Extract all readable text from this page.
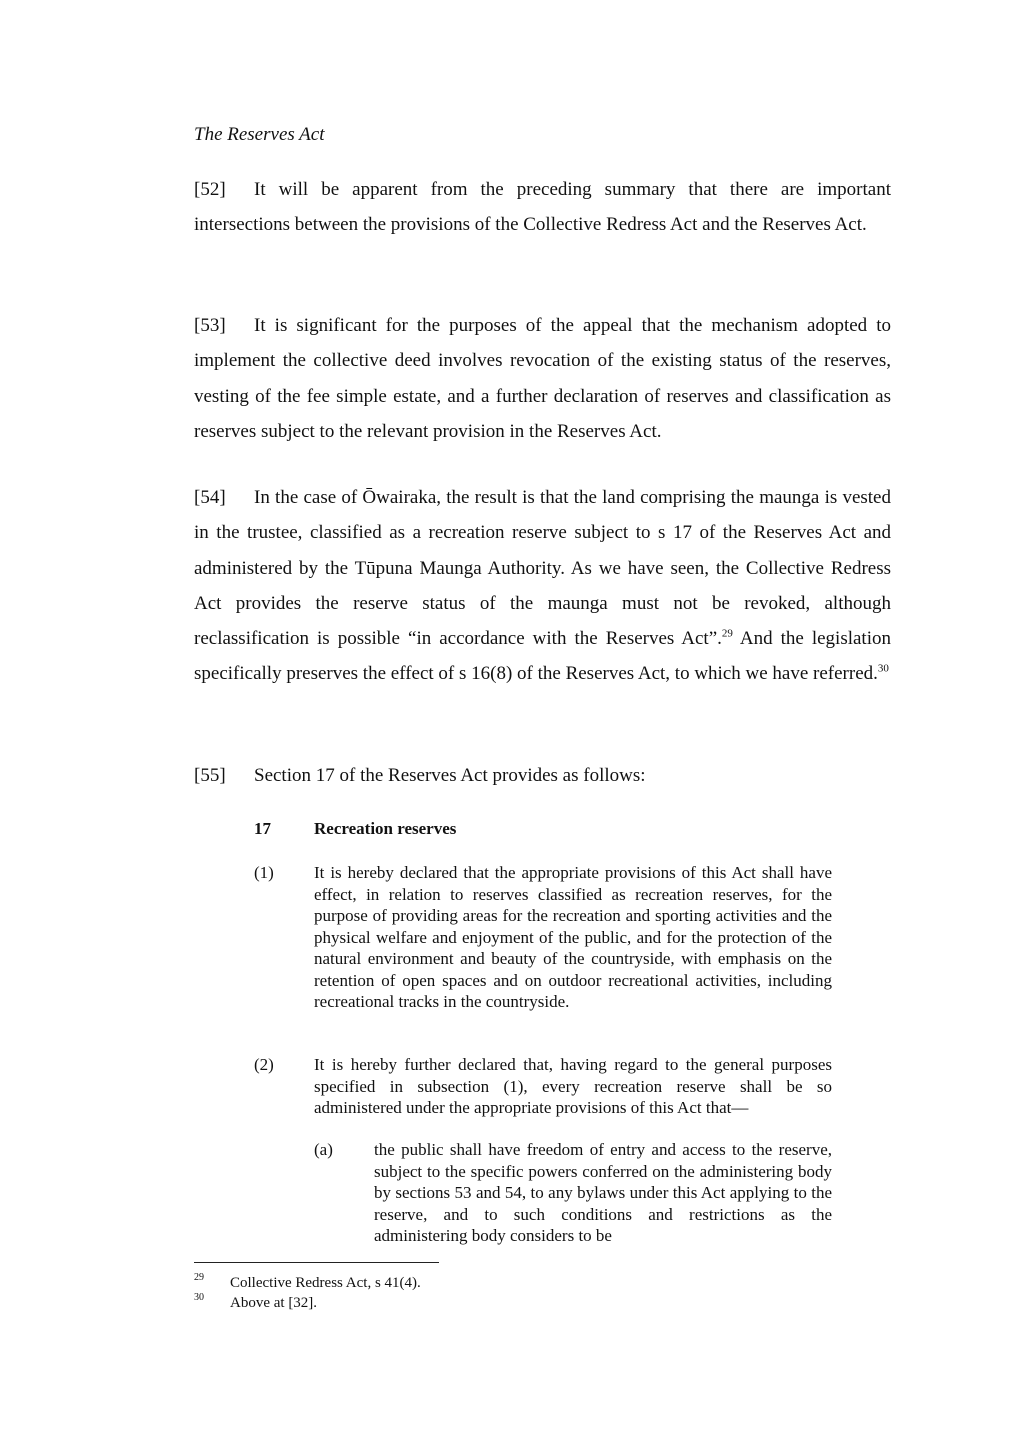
The Reserves Act

[52] It will be apparent from the preceding summary that there are important intersections between the provisions of the Collective Redress Act and the Reserves Act.

[53] It is significant for the purposes of the appeal that the mechanism adopted to implement the collective deed involves revocation of the existing status of the reserves, vesting of the fee simple estate, and a further declaration of reserves and classification as reserves subject to the relevant provision in the Reserves Act.

[54] In the case of Ōwairaka, the result is that the land comprising the maunga is vested in the trustee, classified as a recreation reserve subject to s 17 of the Reserves Act and administered by the Tūpuna Maunga Authority. As we have seen, the Collective Redress Act provides the reserve status of the maunga must not be revoked, although reclassification is possible “in accordance with the Reserves Act”.$^{29}$ And the legislation specifically preserves the effect of s 16(8) of the Reserves Act, to which we have referred.$^{30}$

[55] Section 17 of the Reserves Act provides as follows:

17	Recreation reserves
(1) It is hereby declared that the appropriate provisions of this Act shall have effect, in relation to reserves classified as recreation reserves, for the purpose of providing areas for the recreation and sporting activities and the physical welfare and enjoyment of the public, and for the protection of the natural environment and beauty of the countryside, with emphasis on the retention of open spaces and on outdoor recreational activities, including recreational tracks in the countryside.

(2) It is hereby further declared that, having regard to the general purposes specified in subsection (1), every recreation reserve shall be so administered under the appropriate provisions of this Act that—

(a) the public shall have freedom of entry and access to the reserve, subject to the specific powers conferred on the administering body by sections 53 and 54, to any bylaws under this Act applying to the reserve, and to such conditions and restrictions as the administering body considers to be

29 Collective Redress Act, s 41(4).
30 Above at [32].
